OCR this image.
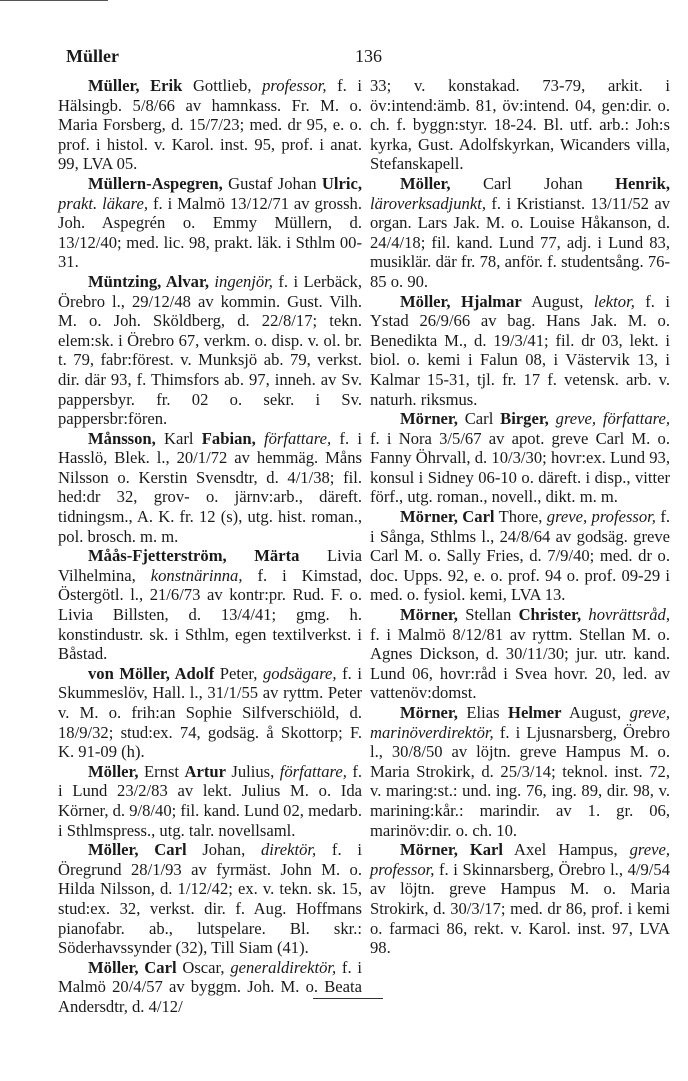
Müller	136

Müller, Erik Gottlieb, professor, f. i Hälsingb. 5/8/66 av hamnkass. Fr. M. o. Maria Forsberg, d. 15/7/23; med. dr 95, e. o. prof. i histol. v. Karol. inst. 95, prof. i anat. 99, LVA 05.

Müllern-Aspegren, Gustaf Johan Ulric, prakt. läkare, f. i Malmö 13/12/71 av grossh. Joh. Aspegrén o. Emmy Müllern, d. 13/12/40; med. lic. 98, prakt. läk. i Sthlm 00-31.

Müntzing, Alvar, ingenjör, f. i Lerbäck, Örebro l., 29/12/48 av kommin. Gust. Vilh. M. o. Joh. Sköldberg, d. 22/8/17; tekn. elem:sk. i Örebro 67, verkm. o. disp. v. ol. br. t. 79, fabr:förest. v. Munksjö ab. 79, verkst. dir. där 93, f. Thimsfors ab. 97, inneh. av Sv. pappersbyr. fr. 02 o. sekr. i Sv. pappersbr:fören.

Månsson, Karl Fabian, författare, f. i Hasslö, Blek. l., 20/1/72 av hemmäg. Måns Nilsson o. Kerstin Svensdtr, d. 4/1/38; fil. hed:dr 32, grov- o. järnv:arb., däreft. tidningsm., A. K. fr. 12 (s), utg. hist. roman., pol. brosch. m. m.

Måås-Fjetterström, Märta Livia Vilhelmina, konstnärinna, f. i Kimstad, Östergötl. l., 21/6/73 av kontr:pr. Rud. F. o. Livia Billsten, d. 13/4/41; gmg. h. konstindustr. sk. i Sthlm, egen textilverkst. i Båstad.

von Möller, Adolf Peter, godsägare, f. i Skummeslöv, Hall. l., 31/1/55 av ryttm. Peter v. M. o. frih:an Sophie Silfverschiöld, d. 18/9/32; stud:ex. 74, godsäg. å Skottorp; F. K. 91-09 (h).

Möller, Ernst Artur Julius, författare, f. i Lund 23/2/83 av lekt. Julius M. o. Ida Körner, d. 9/8/40; fil. kand. Lund 02, medarb. i Sthlmspress., utg. talr. novellsaml.

Möller, Carl Johan, direktör, f. i Öregrund 28/1/93 av fyrmäst. John M. o. Hilda Nilsson, d. 1/12/42; ex. v. tekn. sk. 15, stud:ex. 32, verkst. dir. f. Aug. Hoffmans pianofabr. ab., lutspelare. Bl. skr.: Söderhavssynder (32), Till Siam (41).

Möller, Carl Oscar, generaldirektör, f. i Malmö 20/4/57 av byggm. Joh. M. o. Beata Andersdtr, d. 4/12/

33; v. konstakad. 73-79, arkit. i öv:intend:ämb. 81, öv:intend. 04, gen:dir. o. ch. f. byggn:styr. 18-24. Bl. utf. arb.: Joh:s kyrka, Gust. Adolfskyrkan, Wicanders villa, Stefanskapell.

Möller, Carl Johan Henrik, läroverksadjunkt, f. i Kristianst. 13/11/52 av organ. Lars Jak. M. o. Louise Håkanson, d. 24/4/18; fil. kand. Lund 77, adj. i Lund 83, musiklär. där fr. 78, anför. f. studentsång. 76-85 o. 90.

Möller, Hjalmar August, lektor, f. i Ystad 26/9/66 av bag. Hans Jak. M. o. Benedikta M., d. 19/3/41; fil. dr 03, lekt. i biol. o. kemi i Falun 08, i Västervik 13, i Kalmar 15-31, tjl. fr. 17 f. vetensk. arb. v. naturh. riksmus.

Mörner, Carl Birger, greve, författare, f. i Nora 3/5/67 av apot. greve Carl M. o. Fanny Öhrvall, d. 10/3/30; hovr:ex. Lund 93, konsul i Sidney 06-10 o. däreft. i disp., vitter förf., utg. roman., novell., dikt. m. m.

Mörner, Carl Thore, greve, professor, f. i Sånga, Sthlms l., 24/8/64 av godsäg. greve Carl M. o. Sally Fries, d. 7/9/40; med. dr o. doc. Upps. 92, e. o. prof. 94 o. prof. 09-29 i med. o. fysiol. kemi, LVA 13.

Mörner, Stellan Christer, hovrättsråd, f. i Malmö 8/12/81 av ryttm. Stellan M. o. Agnes Dickson, d. 30/11/30; jur. utr. kand. Lund 06, hovr:råd i Svea hovr. 20, led. av vattenöv:domst.

Mörner, Elias Helmer August, greve, marinöverdirektör, f. i Ljusnarsberg, Örebro l., 30/8/50 av löjtn. greve Hampus M. o. Maria Strokirk, d. 25/3/14; teknol. inst. 72, v. maring:st.: und. ing. 76, ing. 89, dir. 98, v. marining:kår.: marindir. av 1. gr. 06, marinöv:dir. o. ch. 10.

Mörner, Karl Axel Hampus, greve, professor, f. i Skinnarsberg, Örebro l., 4/9/54 av löjtn. greve Hampus M. o. Maria Strokirk, d. 30/3/17; med. dr 86, prof. i kemi o. farmaci 86, rekt. v. Karol. inst. 97, LVA 98.
